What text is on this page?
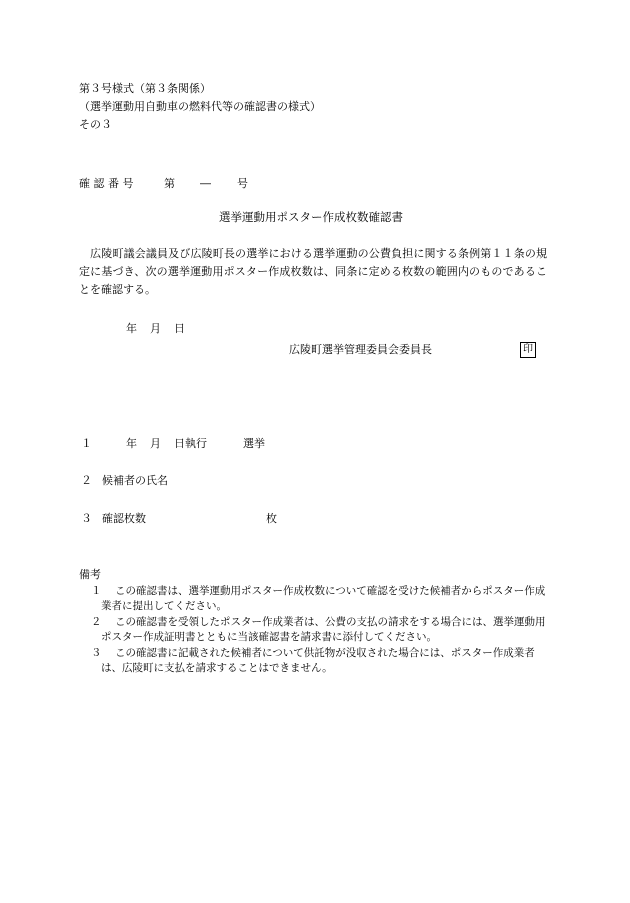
第３号様式（第３条関係）
（選挙運動用自動車の燃料代等の確認書の様式）
その３
確 認 番 号	第 ― 号
選挙運動用ポスター作成枚数確認書
　広陵町議会議員及び広陵町長の選挙における選挙運動の公費負担に関する条例第１１条の規定に基づき、次の選挙運動用ポスター作成枚数は、同条に定める枚数の範囲内のものであることを確認する。
年 月 日
広陵町選挙管理委員会委員長	印
１	年 月 日執行	選挙
２ 候補者の氏名
３ 確認枚数	枚
備考
１	この確認書は、選挙運動用ポスター作成枚数について確認を受けた候補者からポスター作成業者に提出してください。
２	この確認書を受領したポスター作成業者は、公費の支払の請求をする場合には、選挙運動用ポスター作成証明書とともに当該確認書を請求書に添付してください。
３	この確認書に記載された候補者について供託物が没収された場合には、ポスター作成業者は、広陵町に支払を請求することはできません。
